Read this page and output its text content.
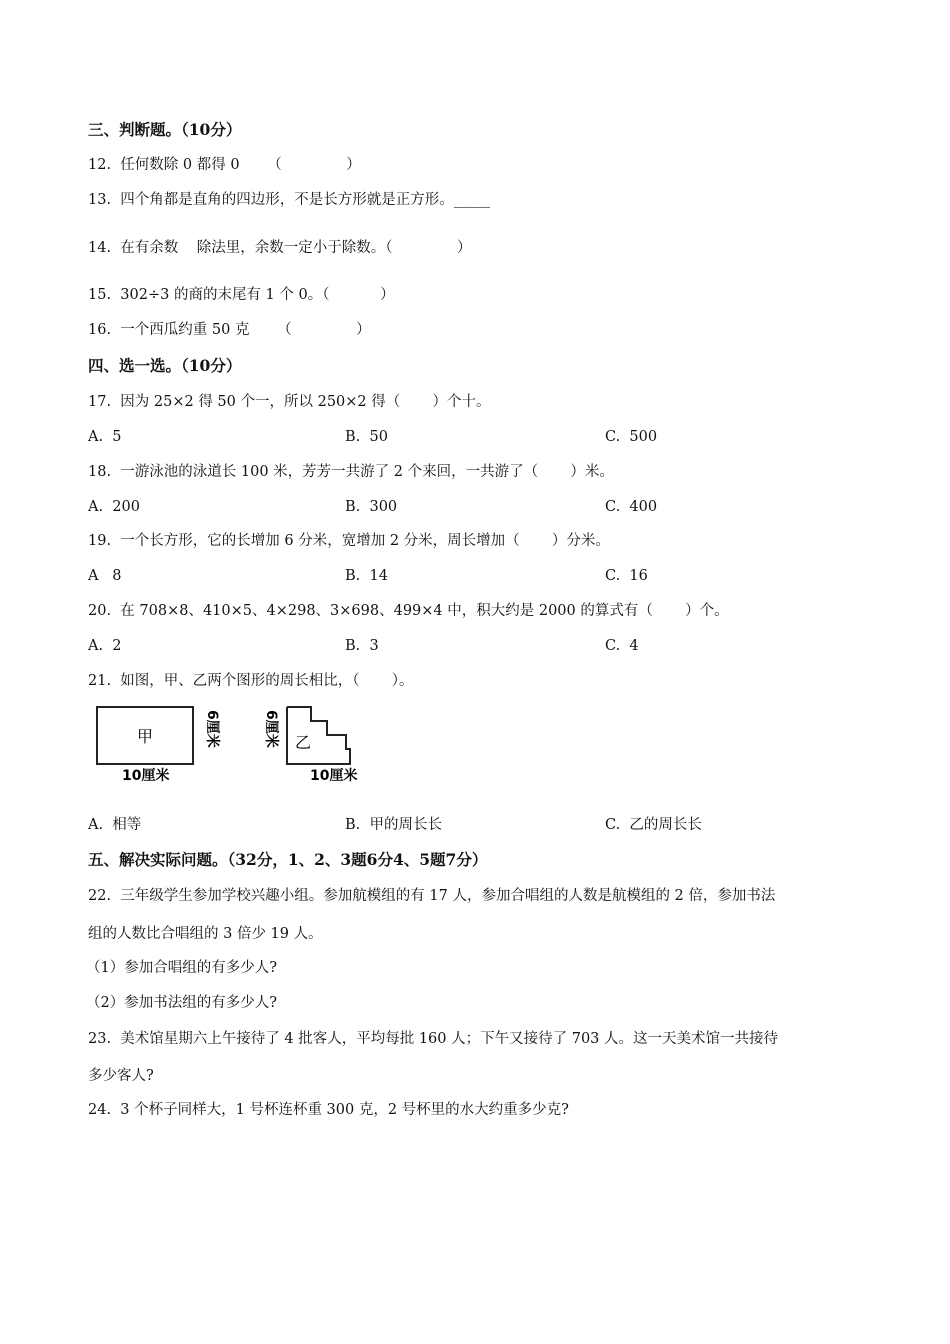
三、判断题。（10分）
12.  任何数除 0 都得 0      （              ）
13.  四个角都是直角的四边形，不是长方形就是正方形。_____
14.  在有余数    除法里，余数一定小于除数。（              ）
15.  302÷3 的商的末尾有 1 个 0。（           ）
16.  一个西瓜约重 50 克      （              ）
四、选一选。（10分）
17.  因为 25×2 得 50 个一，所以 250×2 得（       ）个十。
A.  5	B.  50	C.  500
18.  一游泳池的泳道长 100 米，芳芳一共游了 2 个来回，一共游了（       ）米。
A.  200	B.  300	C.  400
19.  一个长方形，它的长增加 6 分米，宽增加 2 分米，周长增加（       ）分米。
A   8	B.  14	C.  16
20.  在 708×8、410×5、4×298、3×698、499×4 中，积大约是 2000 的算式有（       ）个。
A.  2	B.  3	C.  4
21.  如图，甲、乙两个图形的周长相比，（       ）。
甲
10厘米
6厘米	乙
10厘米
6厘米
A.  相等	B.  甲的周长长	C.  乙的周长长
五、解决实际问题。（32分，1、2、3题6分4、5题7分）
22.  三年级学生参加学校兴趣小组。参加航模组的有 17 人，参加合唱组的人数是航模组的 2 倍，参加书法
组的人数比合唱组的 3 倍少 19 人。
（1）参加合唱组的有多少人?
（2）参加书法组的有多少人?
23.  美术馆星期六上午接待了 4 批客人，平均每批 160 人；下午又接待了 703 人。这一天美术馆一共接待
多少客人?
24.  3 个杯子同样大，1 号杯连杯重 300 克，2 号杯里的水大约重多少克?
